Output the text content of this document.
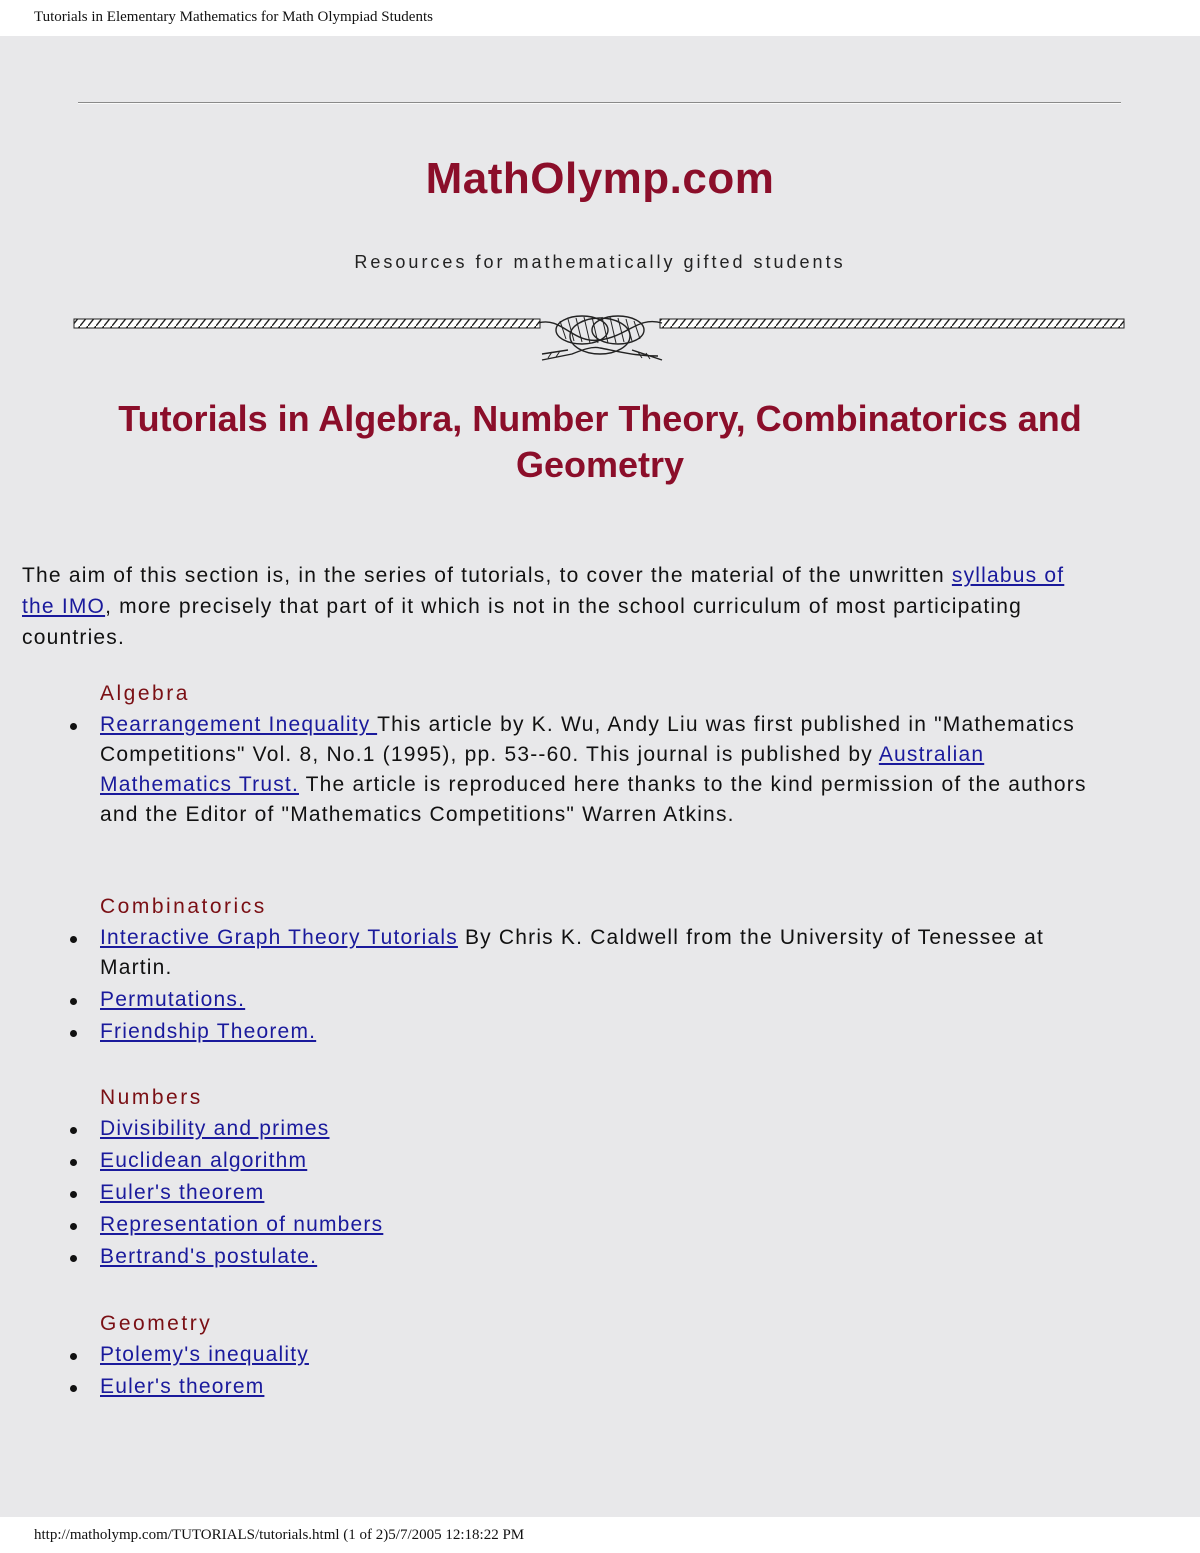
Tutorials in Elementary Mathematics for Math Olympiad Students
MathOlymp.com
Resources for mathematically gifted students
Tutorials in Algebra, Number Theory, Combinatorics and Geometry

The aim of this section is, in the series of tutorials, to cover the material of the unwritten syllabus of the IMO, more precisely that part of it which is not in the school curriculum of most participating countries.

Algebra
Rearrangement Inequality This article by K. Wu, Andy Liu was first published in "Mathematics Competitions" Vol. 8, No.1 (1995), pp. 53--60. This journal is published by Australian Mathematics Trust. The article is reproduced here thanks to the kind permission of the authors and the Editor of "Mathematics Competitions" Warren Atkins.
Combinatorics
Interactive Graph Theory Tutorials By Chris K. Caldwell from the University of Tenessee at Martin.
Permutations.
Friendship Theorem.
Numbers
Divisibility and primes
Euclidean algorithm
Euler's theorem
Representation of numbers
Bertrand's postulate.
Geometry
Ptolemy's inequality
Euler's theorem
http://matholymp.com/TUTORIALS/tutorials.html (1 of 2)5/7/2005 12:18:22 PM
